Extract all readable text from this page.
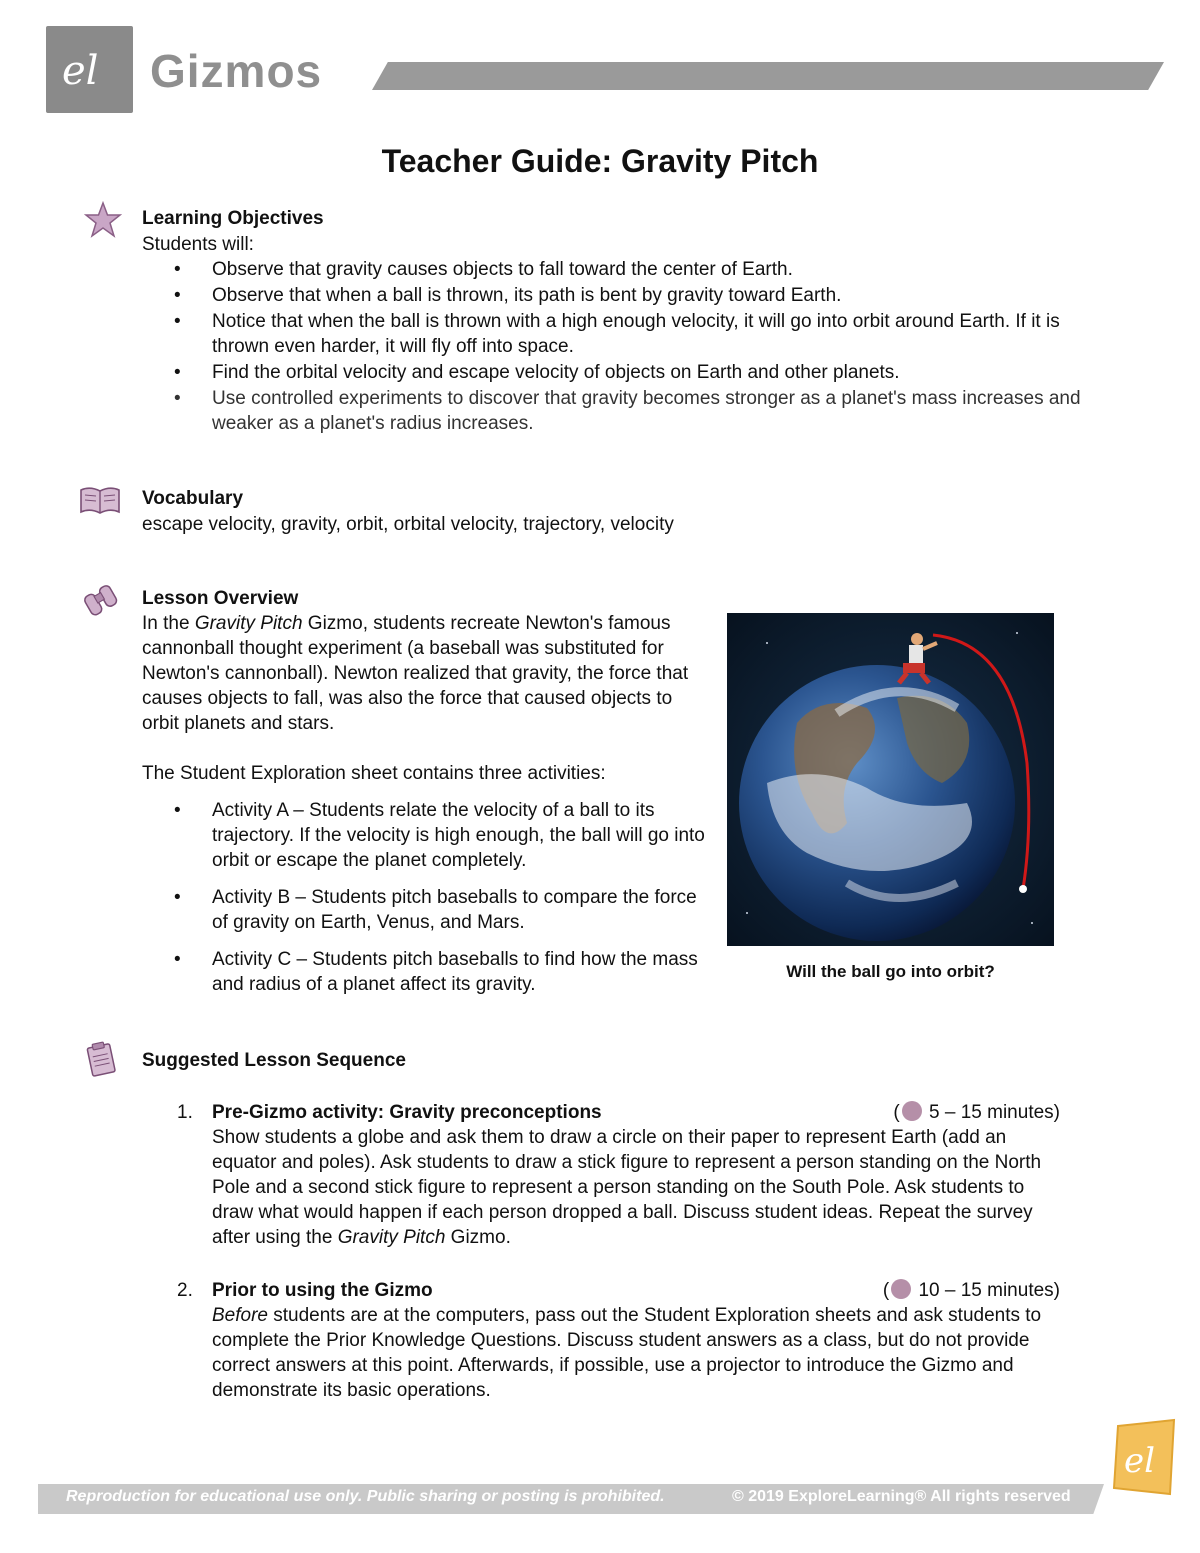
el Gizmos
Teacher Guide: Gravity Pitch
Learning Objectives
Students will:
• Observe that gravity causes objects to fall toward the center of Earth.
• Observe that when a ball is thrown, its path is bent by gravity toward Earth.
• Notice that when the ball is thrown with a high enough velocity, it will go into orbit around Earth. If it is thrown even harder, it will fly off into space.
• Find the orbital velocity and escape velocity of objects on Earth and other planets.
• Use controlled experiments to discover that gravity becomes stronger as a planet's mass increases and weaker as a planet's radius increases.
Vocabulary
escape velocity, gravity, orbit, orbital velocity, trajectory, velocity
Lesson Overview
In the Gravity Pitch Gizmo, students recreate Newton's famous cannonball thought experiment (a baseball was substituted for Newton's cannonball). Newton realized that gravity, the force that causes objects to fall, was also the force that caused objects to orbit planets and stars.
The Student Exploration sheet contains three activities:
• Activity A – Students relate the velocity of a ball to its trajectory. If the velocity is high enough, the ball will go into orbit or escape the planet completely.
• Activity B – Students pitch baseballs to compare the force of gravity on Earth, Venus, and Mars.
• Activity C – Students pitch baseballs to find how the mass and radius of a planet affect its gravity.
Will the ball go into orbit?
Suggested Lesson Sequence
1. Pre-Gizmo activity: Gravity preconceptions	( 5 – 15 minutes)
Show students a globe and ask them to draw a circle on their paper to represent Earth (add an equator and poles). Ask students to draw a stick figure to represent a person standing on the North Pole and a second stick figure to represent a person standing on the South Pole. Ask students to draw what would happen if each person dropped a ball. Discuss student ideas. Repeat the survey after using the Gravity Pitch Gizmo.
2. Prior to using the Gizmo	( 10 – 15 minutes)
Before students are at the computers, pass out the Student Exploration sheets and ask students to complete the Prior Knowledge Questions. Discuss student answers as a class, but do not provide correct answers at this point. Afterwards, if possible, use a projector to introduce the Gizmo and demonstrate its basic operations.
Reproduction for educational use only. Public sharing or posting is prohibited.	© 2019 ExploreLearning® All rights reserved
el
